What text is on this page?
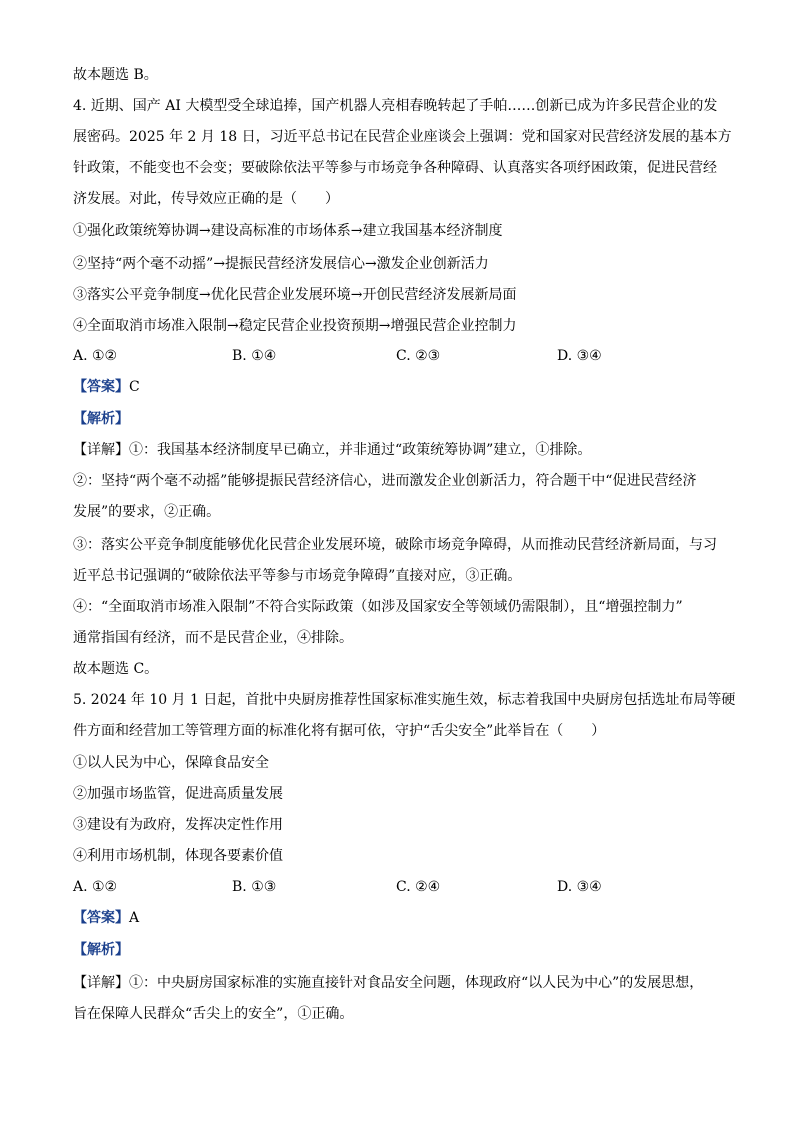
故本题选 B。
4. 近期、国产 AI 大模型受全球追捧，国产机器人亮相春晚转起了手帕……创新已成为许多民营企业的发
展密码。2025 年 2 月 18 日，习近平总书记在民营企业座谈会上强调：党和国家对民营经济发展的基本方
针政策，不能变也不会变；要破除依法平等参与市场竞争各种障碍、认真落实各项纾困政策，促进民营经
济发展。对此，传导效应正确的是（　　）
①强化政策统筹协调→建设高标准的市场体系→建立我国基本经济制度
②坚持“两个毫不动摇”→提振民营经济发展信心→激发企业创新活力
③落实公平竞争制度→优化民营企业发展环境→开创民营经济发展新局面
④全面取消市场准入限制→稳定民营企业投资预期→增强民营企业控制力
A. ①②	B. ①④	C. ②③	D. ③④
【答案】C
【解析】
【详解】①：我国基本经济制度早已确立，并非通过“政策统筹协调”建立，①排除。
②：坚持“两个毫不动摇”能够提振民营经济信心，进而激发企业创新活力，符合题干中“促进民营经济
发展”的要求，②正确。
③：落实公平竞争制度能够优化民营企业发展环境，破除市场竞争障碍，从而推动民营经济新局面，与习
近平总书记强调的“破除依法平等参与市场竞争障碍”直接对应，③正确。
④：“全面取消市场准入限制”不符合实际政策（如涉及国家安全等领域仍需限制），且“增强控制力”
通常指国有经济，而不是民营企业，④排除。
故本题选 C。
5. 2024 年 10 月 1 日起，首批中央厨房推荐性国家标准实施生效，标志着我国中央厨房包括选址布局等硬
件方面和经营加工等管理方面的标准化将有据可依，守护“舌尖安全”此举旨在（　　）
①以人民为中心，保障食品安全
②加强市场监管，促进高质量发展
③建设有为政府，发挥决定性作用
④利用市场机制，体现各要素价值
A. ①②	B. ①③	C. ②④	D. ③④
【答案】A
【解析】
【详解】①：中央厨房国家标准的实施直接针对食品安全问题，体现政府“以人民为中心”的发展思想，
旨在保障人民群众“舌尖上的安全”，①正确。
